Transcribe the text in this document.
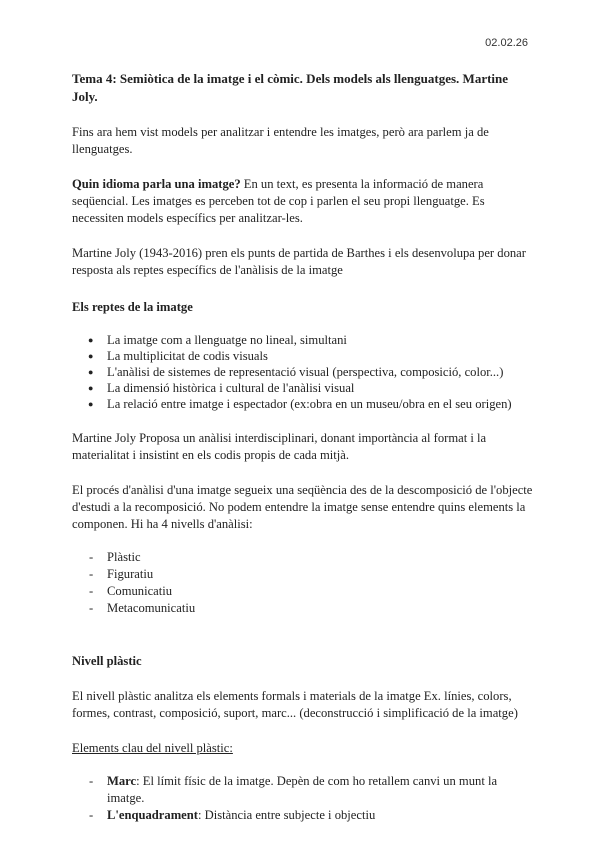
02.02.26
Tema 4: Semiòtica de la imatge i el còmic. Dels models als llenguatges. Martine Joly.

Fins ara hem vist models per analitzar i entendre les imatges, però ara parlem ja de llenguatges.

Quin idioma parla una imatge? En un text, es presenta la informació de manera seqüencial. Les imatges es perceben tot de cop i parlen el seu propi llenguatge. Es necessiten models específics per analitzar-les.

Martine Joly (1943-2016) pren els punts de partida de Barthes i els desenvolupa per donar resposta als reptes específics de l'anàlisis de la imatge

Els reptes de la imatge

● La imatge com a llenguatge no lineal, simultani
● La multiplicitat de codis visuals
● L'anàlisi de sistemes de representació visual (perspectiva, composició, color...)
● La dimensió històrica i cultural de l'anàlisi visual
● La relació entre imatge i espectador (ex:obra en un museu/obra en el seu origen)

Martine Joly Proposa un anàlisi interdisciplinari, donant importància al format i la materialitat i insistint en els codis propis de cada mitjà.

El procés d'anàlisi d'una imatge segueix una seqüència des de la descomposició de l'objecte d'estudi a la recomposició. No podem entendre la imatge sense entendre quins elements la componen. Hi ha 4 nivells d'anàlisi:

- Plàstic
- Figuratiu
- Comunicatiu
- Metacomunicatiu

Nivell plàstic

El nivell plàstic analitza els elements formals i materials de la imatge Ex. línies, colors, formes, contrast, composició, suport, marc... (deconstrucció i simplificació de la imatge)

Elements clau del nivell plàstic:

- Marc: El límit físic de la imatge. Depèn de com ho retallem canvi un munt la imatge.
- L'enquadrament: Distància entre subjecte i objectiu
